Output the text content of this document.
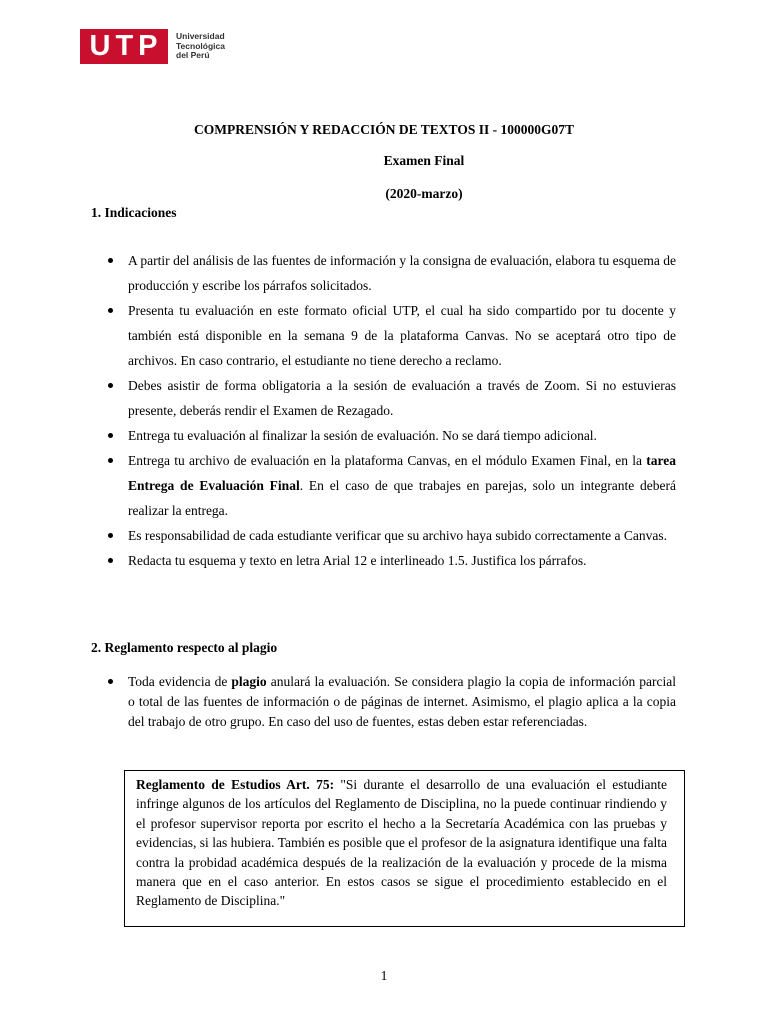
UTP	Universidad
Tecnológica
del Perú
COMPRENSIÓN Y REDACCIÓN DE TEXTOS II - 100000G07T
Examen Final
(2020-marzo)
1. Indicaciones
A partir del análisis de las fuentes de información y la consigna de evaluación, elabora tu esquema de producción y escribe los párrafos solicitados.
Presenta tu evaluación en este formato oficial UTP, el cual ha sido compartido por tu docente y también está disponible en la semana 9 de la plataforma Canvas. No se aceptará otro tipo de archivos. En caso contrario, el estudiante no tiene derecho a reclamo.
Debes asistir de forma obligatoria a la sesión de evaluación a través de Zoom. Si no estuvieras presente, deberás rendir el Examen de Rezagado.
Entrega tu evaluación al finalizar la sesión de evaluación. No se dará tiempo adicional.
Entrega tu archivo de evaluación en la plataforma Canvas, en el módulo Examen Final, en la tarea Entrega de Evaluación Final. En el caso de que trabajes en parejas, solo un integrante deberá realizar la entrega.
Es responsabilidad de cada estudiante verificar que su archivo haya subido correctamente a Canvas.
Redacta tu esquema y texto en letra Arial 12 e interlineado 1.5. Justifica los párrafos.
2. Reglamento respecto al plagio
Toda evidencia de plagio anulará la evaluación. Se considera plagio la copia de información parcial o total de las fuentes de información o de páginas de internet. Asimismo, el plagio aplica a la copia del trabajo de otro grupo. En caso del uso de fuentes, estas deben estar referenciadas.

Reglamento de Estudios Art. 75: "Si durante el desarrollo de una evaluación el estudiante infringe algunos de los artículos del Reglamento de Disciplina, no la puede continuar rindiendo y el profesor supervisor reporta por escrito el hecho a la Secretaría Académica con las pruebas y evidencias, si las hubiera. También es posible que el profesor de la asignatura identifique una falta contra la probidad académica después de la realización de la evaluación y procede de la misma manera que en el caso anterior. En estos casos se sigue el procedimiento establecido en el Reglamento de Disciplina."

1
